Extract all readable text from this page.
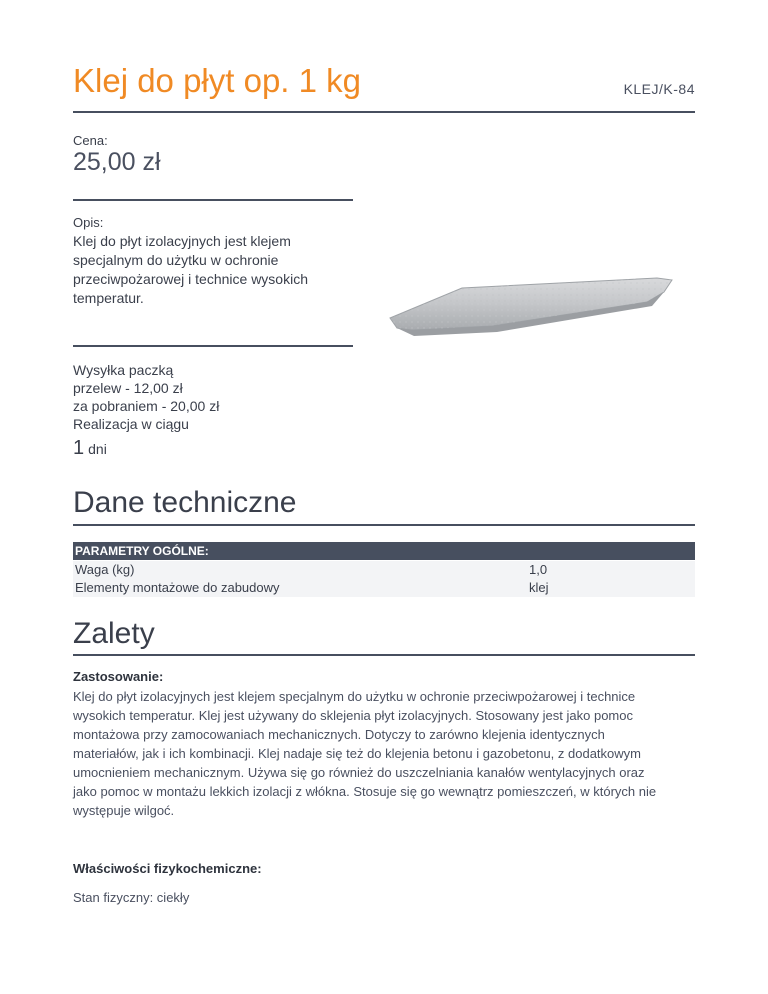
Klej do płyt op. 1 kg	KLEJ/K-84
Cena:
25,00 zł
Opis:
Klej do płyt izolacyjnych jest klejem
specjalnym do użytku w ochronie
przeciwpożarowej i technice wysokich
temperatur.
Wysyłka paczką
przelew - 12,00 zł
za pobraniem - 20,00 zł
Realizacja w ciągu
1 dni
Dane techniczne
PARAMETRY OGÓLNE:
Waga (kg)	1,0
Elementy montażowe do zabudowy	klej
Zalety
Zastosowanie:
Klej do płyt izolacyjnych jest klejem specjalnym do użytku w ochronie przeciwpożarowej i technice
wysokich temperatur. Klej jest używany do sklejenia płyt izolacyjnych. Stosowany jest jako pomoc
montażowa przy zamocowaniach mechanicznych. Dotyczy to zarówno klejenia identycznych
materiałów, jak i ich kombinacji. Klej nadaje się też do klejenia betonu i gazobetonu, z dodatkowym
umocnieniem mechanicznym. Używa się go również do uszczelniania kanałów wentylacyjnych oraz
jako pomoc w montażu lekkich izolacji z włókna. Stosuje się go wewnątrz pomieszczeń, w których nie
występuje wilgoć.
Właściwości fizykochemiczne:
Stan fizyczny: ciekły
